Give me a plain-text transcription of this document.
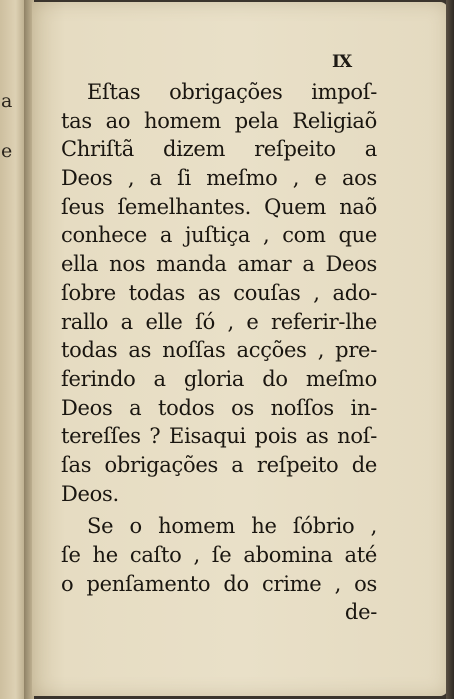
a
e
IX
Eſtas obrigações impoſ-
tas ao homem pela Religiaõ
Chriſtã dizem reſpeito a
Deos , a ſi meſmo , e aos
ſeus ſemelhantes. Quem naõ
conhece a juſtiça , com que
ella nos manda amar a Deos
ſobre todas as couſas , ado-
rallo a elle ſó , e referir-lhe
todas as noſſas acções , pre-
ferindo a gloria do meſmo
Deos a todos os noſſos in-
tereſſes ? Eisaqui pois as noſ-
ſas obrigações a reſpeito de
Deos.
Se o homem he ſóbrio ,
ſe he caſto , ſe abomina até
o penſamento do crime , os
de-
